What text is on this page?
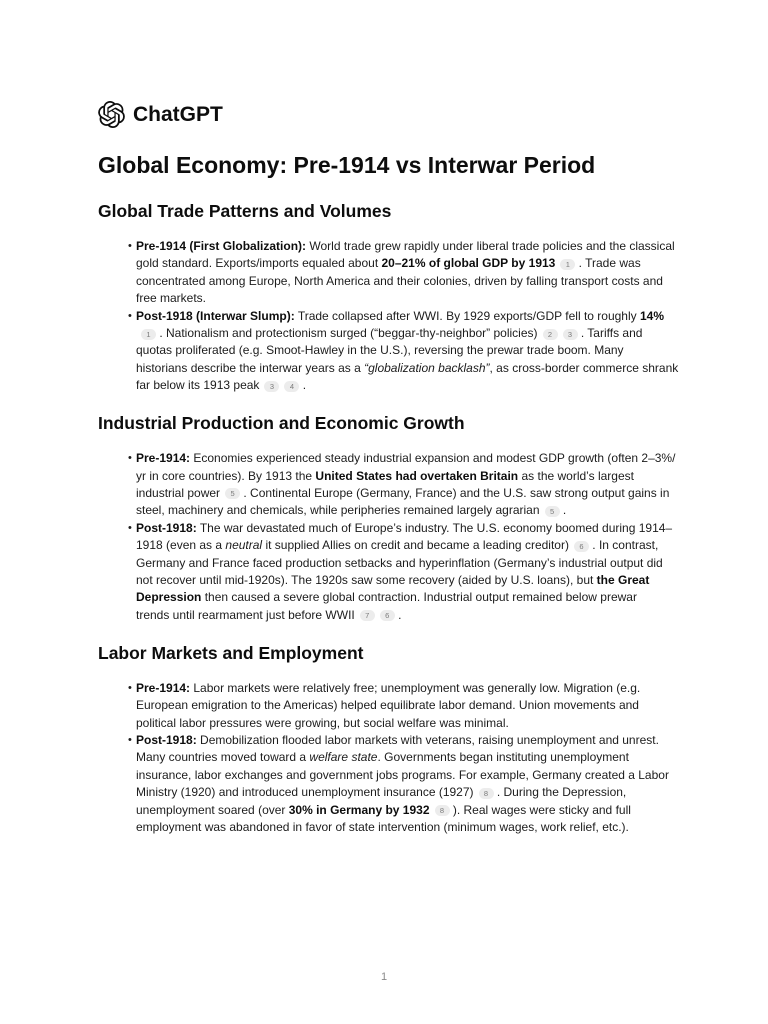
ChatGPT
Global Economy: Pre-1914 vs Interwar Period
Global Trade Patterns and Volumes
• Pre-1914 (First Globalization): World trade grew rapidly under liberal trade policies and the classical
gold standard. Exports/imports equaled about 20–21% of global GDP by 1913 1 . Trade was
concentrated among Europe, North America and their colonies, driven by falling transport costs and
free markets.
• Post-1918 (Interwar Slump): Trade collapsed after WWI. By 1929 exports/GDP fell to roughly 14%
1 . Nationalism and protectionism surged (“beggar-thy-neighbor” policies) 2 3 . Tariffs and
quotas proliferated (e.g. Smoot-Hawley in the U.S.), reversing the prewar trade boom. Many
historians describe the interwar years as a “globalization backlash”, as cross-border commerce shrank
far below its 1913 peak 3 4 .
Industrial Production and Economic Growth
• Pre-1914: Economies experienced steady industrial expansion and modest GDP growth (often 2–3%/
yr in core countries). By 1913 the United States had overtaken Britain as the world’s largest
industrial power 5 . Continental Europe (Germany, France) and the U.S. saw strong output gains in
steel, machinery and chemicals, while peripheries remained largely agrarian 5 .
• Post-1918: The war devastated much of Europe’s industry. The U.S. economy boomed during 1914–
1918 (even as a neutral it supplied Allies on credit and became a leading creditor) 6 . In contrast,
Germany and France faced production setbacks and hyperinflation (Germany’s industrial output did
not recover until mid-1920s). The 1920s saw some recovery (aided by U.S. loans), but the Great
Depression then caused a severe global contraction. Industrial output remained below prewar
trends until rearmament just before WWII 7 6 .
Labor Markets and Employment
• Pre-1914: Labor markets were relatively free; unemployment was generally low. Migration (e.g.
European emigration to the Americas) helped equilibrate labor demand. Union movements and
political labor pressures were growing, but social welfare was minimal.
• Post-1918: Demobilization flooded labor markets with veterans, raising unemployment and unrest.
Many countries moved toward a welfare state. Governments began instituting unemployment
insurance, labor exchanges and government jobs programs. For example, Germany created a Labor
Ministry (1920) and introduced unemployment insurance (1927) 8 . During the Depression,
unemployment soared (over 30% in Germany by 1932 8 ). Real wages were sticky and full
employment was abandoned in favor of state intervention (minimum wages, work relief, etc.).
1
